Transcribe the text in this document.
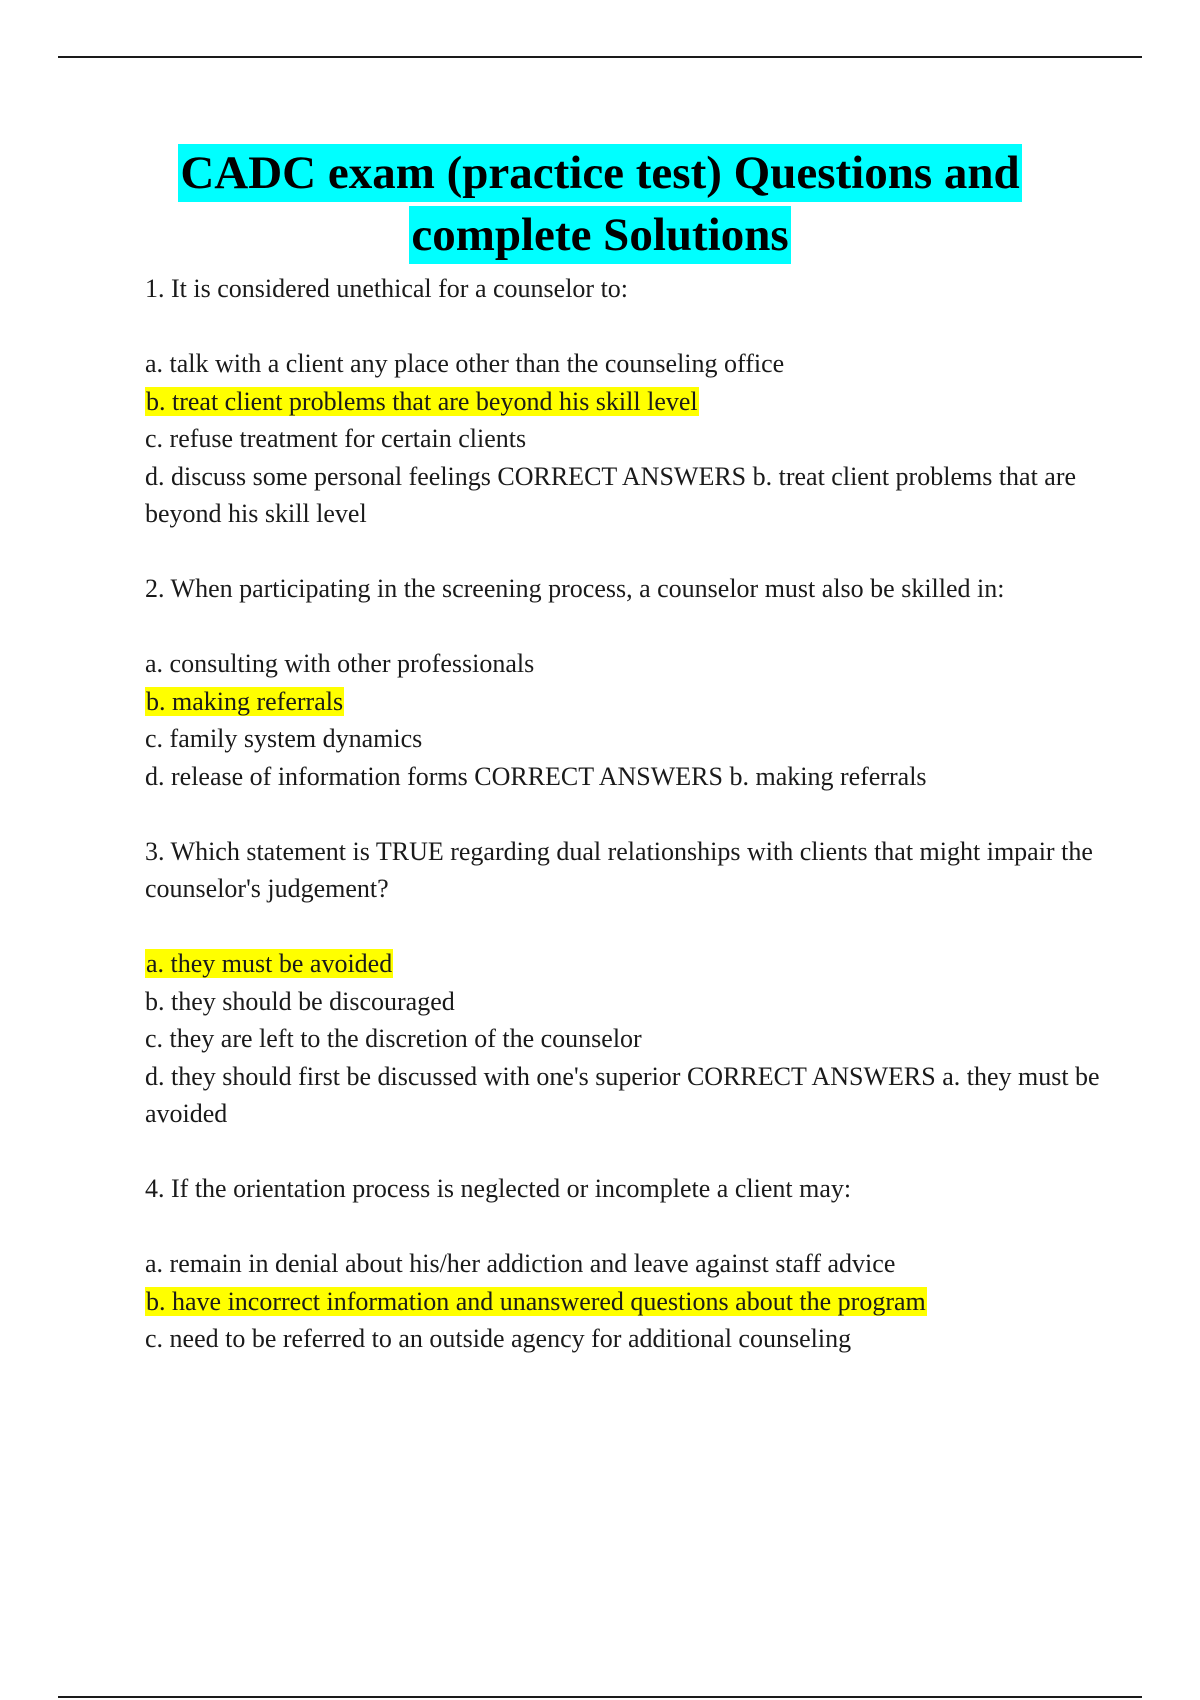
CADC exam (practice test) Questions and
complete Solutions

1. It is considered unethical for a counselor to:

a. talk with a client any place other than the counseling office

b. treat client problems that are beyond his skill level

c. refuse treatment for certain clients

d. discuss some personal feelings CORRECT ANSWERS b. treat client problems that are beyond his skill level

2. When participating in the screening process, a counselor must also be skilled in:

a. consulting with other professionals

b. making referrals

c. family system dynamics

d. release of information forms CORRECT ANSWERS b. making referrals

3. Which statement is TRUE regarding dual relationships with clients that might impair the counselor's judgement?

a. they must be avoided

b. they should be discouraged

c. they are left to the discretion of the counselor

d. they should first be discussed with one's superior CORRECT ANSWERS a. they must be avoided

4. If the orientation process is neglected or incomplete a client may:

a. remain in denial about his/her addiction and leave against staff advice

b. have incorrect information and unanswered questions about the program

c. need to be referred to an outside agency for additional counseling
